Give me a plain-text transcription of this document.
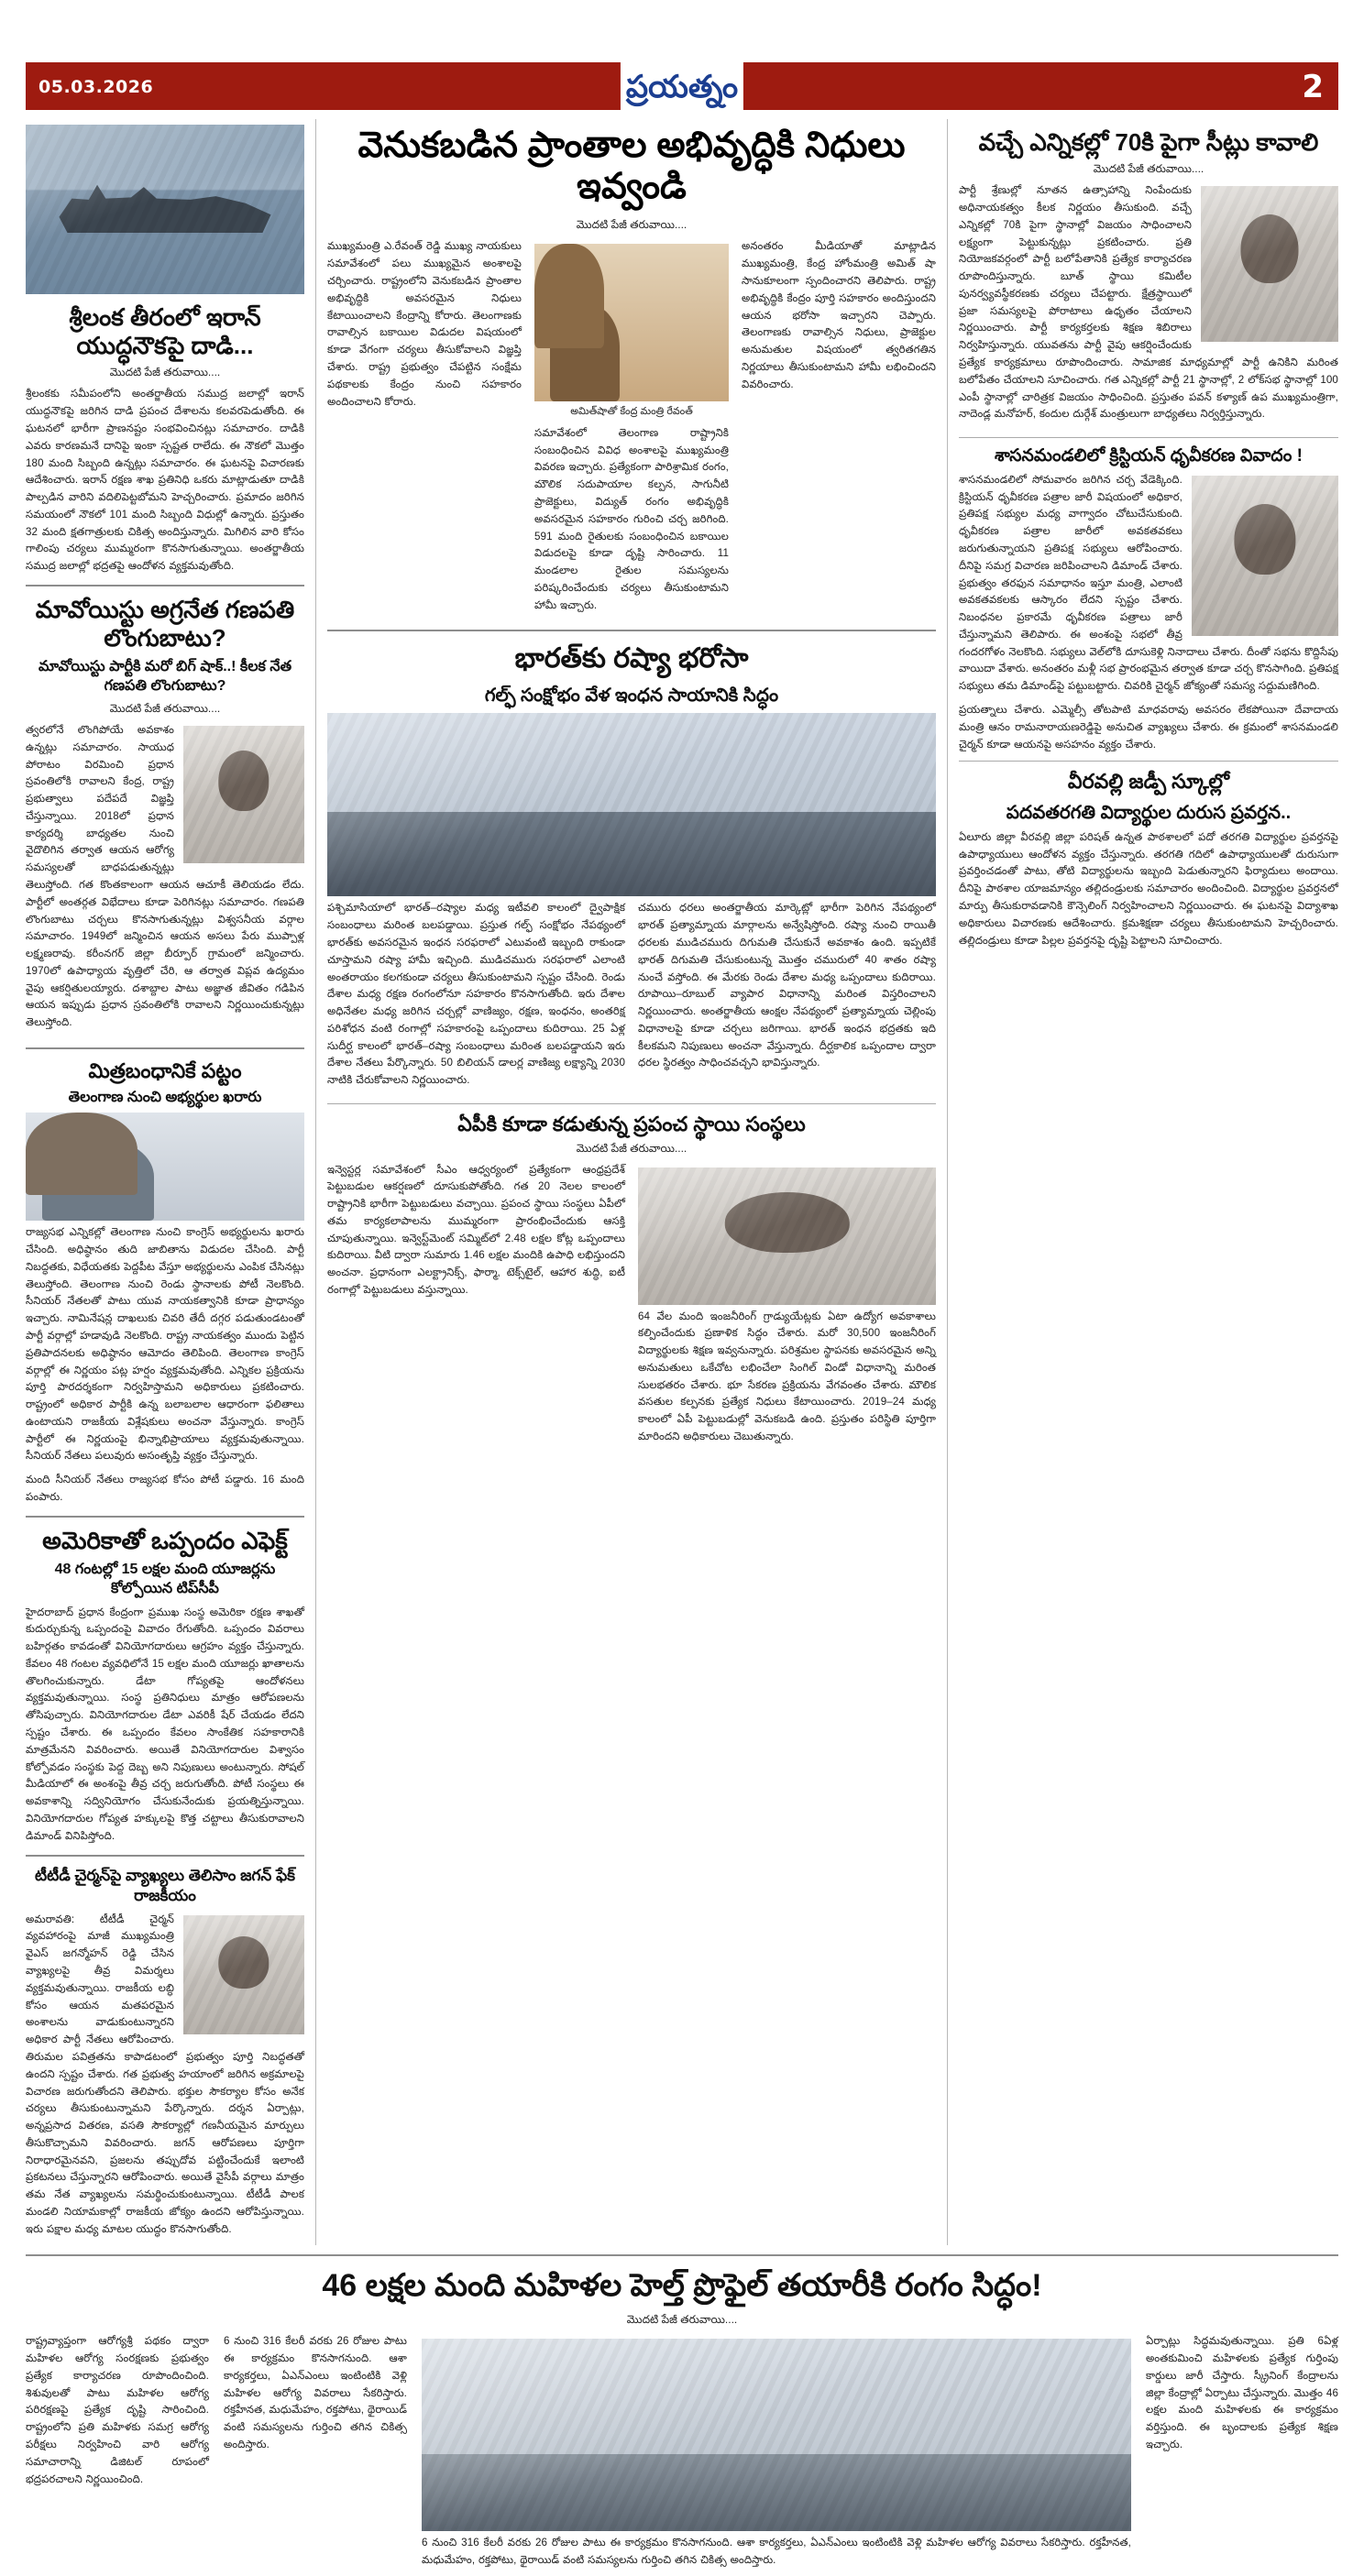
05.03.2026	ప్రయత్నం	2
శ్రీలంక తీరంలో ఇరాన్ యుద్ధనౌకపై దాడి...
మొదటి పేజీ తరువాయి....

శ్రీలంకకు సమీపంలోని అంతర్జాతీయ సముద్ర జలాల్లో ఇరాన్ యుద్ధనౌకపై జరిగిన దాడి ప్రపంచ దేశాలను కలవరపెడుతోంది. ఈ ఘటనలో భారీగా ప్రాణనష్టం సంభవించినట్లు సమాచారం. దాడికి ఎవరు కారణమనే దానిపై ఇంకా స్పష్టత రాలేదు. ఈ నౌకలో మొత్తం 180 మంది సిబ్బంది ఉన్నట్లు సమాచారం. ఈ ఘటనపై విచారణకు ఆదేశించారు. ఇరాన్ రక్షణ శాఖ ప్రతినిధి ఒకరు మాట్లాడుతూ దాడికి పాల్పడిన వారిని వదిలిపెట్టబోమని హెచ్చరించారు. ప్రమాదం జరిగిన సమయంలో నౌకలో 101 మంది సిబ్బంది విధుల్లో ఉన్నారు. ప్రస్తుతం 32 మంది క్షతగాత్రులకు చికిత్స అందిస్తున్నారు. మిగిలిన వారి కోసం గాలింపు చర్యలు ముమ్మరంగా కొనసాగుతున్నాయి. అంతర్జాతీయ సముద్ర జలాల్లో భద్రతపై ఆందోళన వ్యక్తమవుతోంది.

మావోయిస్టు అగ్రనేత గణపతి లొంగుబాటు?
మావోయిస్టు పార్టీకి మరో బిగ్ షాక్..! కీలక నేత గణపతి లొంగుబాటు?
మొదటి పేజీ తరువాయి....

త్వరలోనే లొంగిపోయే అవకాశం ఉన్నట్లు సమాచారం. సాయుధ పోరాటం విరమించి ప్రధాన స్రవంతిలోకి రావాలని కేంద్ర, రాష్ట్ర ప్రభుత్వాలు పదేపదే విజ్ఞప్తి చేస్తున్నాయి. 2018లో ప్రధాన కార్యదర్శి బాధ్యతల నుంచి వైదొలిగిన తర్వాత ఆయన ఆరోగ్య సమస్యలతో బాధపడుతున్నట్లు తెలుస్తోంది. గత కొంతకాలంగా ఆయన ఆచూకీ తెలియడం లేదు. పార్టీలో అంతర్గత విభేదాలు కూడా పెరిగినట్లు సమాచారం. గణపతి లొంగుబాటు చర్చలు కొనసాగుతున్నట్లు విశ్వసనీయ వర్గాల సమాచారం. 1949లో జన్మించిన ఆయన అసలు పేరు ముప్పాళ్ల లక్ష్మణరావు. కరీంనగర్ జిల్లా బీర్పూర్ గ్రామంలో జన్మించారు. 1970లో ఉపాధ్యాయ వృత్తిలో చేరి, ఆ తర్వాత విప్లవ ఉద్యమం వైపు ఆకర్షితులయ్యారు. దశాబ్దాల పాటు అజ్ఞాత జీవితం గడిపిన ఆయన ఇప్పుడు ప్రధాన స్రవంతిలోకి రావాలని నిర్ణయించుకున్నట్లు తెలుస్తోంది.

మిత్రబంధానికే పట్టం
తెలంగాణ నుంచి అభ్యర్థుల ఖరారు

రాజ్యసభ ఎన్నికల్లో తెలంగాణ నుంచి కాంగ్రెస్ అభ్యర్థులను ఖరారు చేసింది. అధిష్ఠానం తుది జాబితాను విడుదల చేసింది. పార్టీ నిబద్ధతకు, విధేయతకు పెద్దపీట వేస్తూ అభ్యర్థులను ఎంపిక చేసినట్లు తెలుస్తోంది. తెలంగాణ నుంచి రెండు స్థానాలకు పోటీ నెలకొంది. సీనియర్ నేతలతో పాటు యువ నాయకత్వానికి కూడా ప్రాధాన్యం ఇచ్చారు. నామినేషన్ల దాఖలుకు చివరి తేదీ దగ్గర పడుతుండటంతో పార్టీ వర్గాల్లో హడావుడి నెలకొంది. రాష్ట్ర నాయకత్వం ముందు పెట్టిన ప్రతిపాదనలకు అధిష్ఠానం ఆమోదం తెలిపింది. తెలంగాణ కాంగ్రెస్ వర్గాల్లో ఈ నిర్ణయం పట్ల హర్షం వ్యక్తమవుతోంది. ఎన్నికల ప్రక్రియను పూర్తి పారదర్శకంగా నిర్వహిస్తామని అధికారులు ప్రకటించారు. రాష్ట్రంలో అధికార పార్టీకి ఉన్న బలాబలాల ఆధారంగా ఫలితాలు ఉంటాయని రాజకీయ విశ్లేషకులు అంచనా వేస్తున్నారు. కాంగ్రెస్ పార్టీలో ఈ నిర్ణయంపై భిన్నాభిప్రాయాలు వ్యక్తమవుతున్నాయి. సీనియర్ నేతలు పలువురు అసంతృప్తి వ్యక్తం చేస్తున్నారు.

మంది సీనియర్ నేతలు రాజ్యసభ కోసం పోటీ పడ్డారు. 16 మంది పంపారు.

అమెరికాతో ఒప్పందం ఎఫెక్ట్
48 గంటల్లో 15 లక్షల మంది యూజర్లను కోల్పోయిన టిప్‌సీపీ

హైదరాబాద్ ప్రధాన కేంద్రంగా ప్రముఖ సంస్థ అమెరికా రక్షణ శాఖతో కుదుర్చుకున్న ఒప్పందంపై వివాదం రేగుతోంది. ఒప్పందం వివరాలు బహిర్గతం కావడంతో వినియోగదారులు ఆగ్రహం వ్యక్తం చేస్తున్నారు. కేవలం 48 గంటల వ్యవధిలోనే 15 లక్షల మంది యూజర్లు ఖాతాలను తొలగించుకున్నారు. డేటా గోప్యతపై ఆందోళనలు వ్యక్తమవుతున్నాయి. సంస్థ ప్రతినిధులు మాత్రం ఆరోపణలను తోసిపుచ్చారు. వినియోగదారుల డేటా ఎవరికీ షేర్ చేయడం లేదని స్పష్టం చేశారు. ఈ ఒప్పందం కేవలం సాంకేతిక సహకారానికి మాత్రమేనని వివరించారు. అయితే వినియోగదారుల విశ్వాసం కోల్పోవడం సంస్థకు పెద్ద దెబ్బ అని నిపుణులు అంటున్నారు. సోషల్ మీడియాలో ఈ అంశంపై తీవ్ర చర్చ జరుగుతోంది. పోటీ సంస్థలు ఈ అవకాశాన్ని సద్వినియోగం చేసుకునేందుకు ప్రయత్నిస్తున్నాయి. వినియోగదారుల గోప్యత హక్కులపై కొత్త చట్టాలు తీసుకురావాలని డిమాండ్ వినిపిస్తోంది.

టీటీడీ చైర్మన్‌పై వ్యాఖ్యలు తెలిసాం జగన్ ఫేక్ రాజకీయం

అమరావతి: టీటీడీ చైర్మన్ వ్యవహారంపై మాజీ ముఖ్యమంత్రి వైఎస్ జగన్మోహన్ రెడ్డి చేసిన వ్యాఖ్యలపై తీవ్ర విమర్శలు వ్యక్తమవుతున్నాయి. రాజకీయ లబ్ధి కోసం ఆయన మతపరమైన అంశాలను వాడుకుంటున్నారని అధికార పార్టీ నేతలు ఆరోపించారు. తిరుమల పవిత్రతను కాపాడటంలో ప్రభుత్వం పూర్తి నిబద్ధతతో ఉందని స్పష్టం చేశారు. గత ప్రభుత్వ హయాంలో జరిగిన అక్రమాలపై విచారణ జరుగుతోందని తెలిపారు. భక్తుల సౌకర్యాల కోసం అనేక చర్యలు తీసుకుంటున్నామని పేర్కొన్నారు. దర్శన ఏర్పాట్లు, అన్నప్రసాద వితరణ, వసతి సౌకర్యాల్లో గణనీయమైన మార్పులు తీసుకొచ్చామని వివరించారు. జగన్ ఆరోపణలు పూర్తిగా నిరాధారమైనవని, ప్రజలను తప్పుదోవ పట్టించేందుకే ఇలాంటి ప్రకటనలు చేస్తున్నారని ఆరోపించారు. అయితే వైసీపీ వర్గాలు మాత్రం తమ నేత వ్యాఖ్యలను సమర్థించుకుంటున్నాయి. టీటీడీ పాలక మండలి నియామకాల్లో రాజకీయ జోక్యం ఉందని ఆరోపిస్తున్నాయి. ఇరు పక్షాల మధ్య మాటల యుద్ధం కొనసాగుతోంది.

వెనుకబడిన ప్రాంతాల అభివృద్ధికి నిధులు ఇవ్వండి
మొదటి పేజీ తరువాయి....

ముఖ్యమంత్రి ఎ.రేవంత్ రెడ్డి ముఖ్య నాయకులు సమావేశంలో పలు ముఖ్యమైన అంశాలపై చర్చించారు. రాష్ట్రంలోని వెనుకబడిన ప్రాంతాల అభివృద్ధికి అవసరమైన నిధులు కేటాయించాలని కేంద్రాన్ని కోరారు. తెలంగాణకు రావాల్సిన బకాయిల విడుదల విషయంలో కూడా వేగంగా చర్యలు తీసుకోవాలని విజ్ఞప్తి చేశారు. రాష్ట్ర ప్రభుత్వం చేపట్టిన సంక్షేమ పథకాలకు కేంద్రం నుంచి సహకారం అందించాలని కోరారు.

అమిత్‌షాతో కేంద్ర మంత్రి రేవంత్

సమావేశంలో తెలంగాణ రాష్ట్రానికి సంబంధించిన వివిధ అంశాలపై ముఖ్యమంత్రి వివరణ ఇచ్చారు. ప్రత్యేకంగా పారిశ్రామిక రంగం, మౌలిక సదుపాయాల కల్పన, సాగునీటి ప్రాజెక్టులు, విద్యుత్ రంగం అభివృద్ధికి అవసరమైన సహకారం గురించి చర్చ జరిగింది. 591 మంది రైతులకు సంబంధించిన బకాయిల విడుదలపై కూడా దృష్టి సారించారు. 11 మండలాల రైతుల సమస్యలను పరిష్కరించేందుకు చర్యలు తీసుకుంటామని హామీ ఇచ్చారు.

అనంతరం మీడియాతో మాట్లాడిన ముఖ్యమంత్రి, కేంద్ర హోంమంత్రి అమిత్ షా సానుకూలంగా స్పందించారని తెలిపారు. రాష్ట్ర అభివృద్ధికి కేంద్రం పూర్తి సహకారం అందిస్తుందని ఆయన భరోసా ఇచ్చారని చెప్పారు. తెలంగాణకు రావాల్సిన నిధులు, ప్రాజెక్టుల అనుమతుల విషయంలో త్వరితగతిన నిర్ణయాలు తీసుకుంటామని హామీ లభించిందని వివరించారు.

భారత్‌కు రష్యా భరోసా
గల్ఫ్ సంక్షోభం వేళ ఇంధన సాయానికి సిద్ధం

పశ్చిమాసియాలో భారత్‌–రష్యాల మధ్య ఇటీవలి కాలంలో ద్వైపాక్షిక సంబంధాలు మరింత బలపడ్డాయి. ప్రస్తుత గల్ఫ్ సంక్షోభం నేపథ్యంలో భారత్‌కు అవసరమైన ఇంధన సరఫరాలో ఎటువంటి ఇబ్బంది రాకుండా చూస్తామని రష్యా హామీ ఇచ్చింది. ముడిచమురు సరఫరాలో ఎలాంటి అంతరాయం కలగకుండా చర్యలు తీసుకుంటామని స్పష్టం చేసింది. రెండు దేశాల మధ్య రక్షణ రంగంలోనూ సహకారం కొనసాగుతోంది. ఇరు దేశాల అధినేతల మధ్య జరిగిన చర్చల్లో వాణిజ్యం, రక్షణ, ఇంధనం, అంతరిక్ష పరిశోధన వంటి రంగాల్లో సహకారంపై ఒప్పందాలు కుదిరాయి. 25 ఏళ్ల సుదీర్ఘ కాలంలో భారత్‌–రష్యా సంబంధాలు మరింత బలపడ్డాయని ఇరు దేశాల నేతలు పేర్కొన్నారు. 50 బిలియన్ డాలర్ల వాణిజ్య లక్ష్యాన్ని 2030 నాటికి చేరుకోవాలని నిర్ణయించారు.

చమురు ధరలు అంతర్జాతీయ మార్కెట్లో భారీగా పెరిగిన నేపథ్యంలో భారత్ ప్రత్యామ్నాయ మార్గాలను అన్వేషిస్తోంది. రష్యా నుంచి రాయితీ ధరలకు ముడిచమురు దిగుమతి చేసుకునే అవకాశం ఉంది. ఇప్పటికే భారత్ దిగుమతి చేసుకుంటున్న మొత్తం చమురులో 40 శాతం రష్యా నుంచే వస్తోంది. ఈ మేరకు రెండు దేశాల మధ్య ఒప్పందాలు కుదిరాయి. రూపాయి–రూబుల్ వ్యాపార విధానాన్ని మరింత విస్తరించాలని నిర్ణయించారు. అంతర్జాతీయ ఆంక్షల నేపథ్యంలో ప్రత్యామ్నాయ చెల్లింపు విధానాలపై కూడా చర్చలు జరిగాయి. భారత్ ఇంధన భద్రతకు ఇది కీలకమని నిపుణులు అంచనా వేస్తున్నారు. దీర్ఘకాలిక ఒప్పందాల ద్వారా ధరల స్థిరత్వం సాధించవచ్చని భావిస్తున్నారు.

ఏపీకి కూడా కడుతున్న ప్రపంచ స్థాయి సంస్థలు
మొదటి పేజీ తరువాయి....

ఇన్వెస్టర్ల సమావేశంలో సీఎం ఆధ్వర్యంలో ప్రత్యేకంగా ఆంధ్రప్రదేశ్ పెట్టుబడుల ఆకర్షణలో దూసుకుపోతోంది. గత 20 నెలల కాలంలో రాష్ట్రానికి భారీగా పెట్టుబడులు వచ్చాయి. ప్రపంచ స్థాయి సంస్థలు ఏపీలో తమ కార్యకలాపాలను ముమ్మరంగా ప్రారంభించేందుకు ఆసక్తి చూపుతున్నాయి. ఇన్వెస్ట్‌మెంట్ సమ్మిట్‌లో 2.48 లక్షల కోట్ల ఒప్పందాలు కుదిరాయి. వీటి ద్వారా సుమారు 1.46 లక్షల మందికి ఉపాధి లభిస్తుందని అంచనా. ప్రధానంగా ఎలక్ట్రానిక్స్, ఫార్మా, టెక్స్‌టైల్, ఆహార శుద్ధి, ఐటీ రంగాల్లో పెట్టుబడులు వస్తున్నాయి.

64 వేల మంది ఇంజనీరింగ్ గ్రాడ్యుయేట్లకు ఏటా ఉద్యోగ అవకాశాలు కల్పించేందుకు ప్రణాళిక సిద్ధం చేశారు. మరో 30,500 ఇంజనీరింగ్ విద్యార్థులకు శిక్షణ ఇవ్వనున్నారు. పరిశ్రమల స్థాపనకు అవసరమైన అన్ని అనుమతులు ఒకేచోట లభించేలా సింగిల్ విండో విధానాన్ని మరింత సులభతరం చేశారు. భూ సేకరణ ప్రక్రియను వేగవంతం చేశారు. మౌలిక వసతుల కల్పనకు ప్రత్యేక నిధులు కేటాయించారు. 2019–24 మధ్య కాలంలో ఏపీ పెట్టుబడుల్లో వెనుకబడి ఉంది. ప్రస్తుతం పరిస్థితి పూర్తిగా మారిందని అధికారులు చెబుతున్నారు.

వచ్చే ఎన్నికల్లో 70కి పైగా సీట్లు కావాలి
మొదటి పేజీ తరువాయి....

పార్టీ శ్రేణుల్లో నూతన ఉత్సాహాన్ని నింపేందుకు అధినాయకత్వం కీలక నిర్ణయం తీసుకుంది. వచ్చే ఎన్నికల్లో 70కి పైగా స్థానాల్లో విజయం సాధించాలని లక్ష్యంగా పెట్టుకున్నట్లు ప్రకటించారు. ప్రతి నియోజకవర్గంలో పార్టీ బలోపేతానికి ప్రత్యేక కార్యాచరణ రూపొందిస్తున్నారు. బూత్ స్థాయి కమిటీల పునర్వ్యవస్థీకరణకు చర్యలు చేపట్టారు. క్షేత్రస్థాయిలో ప్రజా సమస్యలపై పోరాటాలు ఉధృతం చేయాలని నిర్ణయించారు. పార్టీ కార్యకర్తలకు శిక్షణ శిబిరాలు నిర్వహిస్తున్నారు. యువతను పార్టీ వైపు ఆకర్షించేందుకు ప్రత్యేక కార్యక్రమాలు రూపొందించారు. సామాజిక మాధ్యమాల్లో పార్టీ ఉనికిని మరింత బలోపేతం చేయాలని సూచించారు. గత ఎన్నికల్లో పార్టీ 21 స్థానాల్లో, 2 లోక్‌సభ స్థానాల్లో 100 ఎంపీ స్థానాల్లో చారిత్రక విజయం సాధించింది. ప్రస్తుతం పవన్ కళ్యాణ్ ఉప ముఖ్యమంత్రిగా, నాదెండ్ల మనోహర్, కందుల దుర్గేశ్ మంత్రులుగా బాధ్యతలు నిర్వర్తిస్తున్నారు.

శాసనమండలిలో క్రిస్టియన్ ధృవీకరణ వివాదం !

శాసనమండలిలో సోమవారం జరిగిన చర్చ వేడెక్కింది. క్రిస్టియన్ ధృవీకరణ పత్రాల జారీ విషయంలో అధికార, ప్రతిపక్ష సభ్యుల మధ్య వాగ్వాదం చోటుచేసుకుంది. ధృవీకరణ పత్రాల జారీలో అవకతవకలు జరుగుతున్నాయని ప్రతిపక్ష సభ్యులు ఆరోపించారు. దీనిపై సమగ్ర విచారణ జరిపించాలని డిమాండ్ చేశారు. ప్రభుత్వం తరఫున సమాధానం ఇస్తూ మంత్రి, ఎలాంటి అవకతవకలకు ఆస్కారం లేదని స్పష్టం చేశారు. నిబంధనల ప్రకారమే ధృవీకరణ పత్రాలు జారీ చేస్తున్నామని తెలిపారు. ఈ అంశంపై సభలో తీవ్ర గందరగోళం నెలకొంది. సభ్యులు వెల్‌లోకి దూసుకెళ్లి నినాదాలు చేశారు. దీంతో సభను కొద్దిసేపు వాయిదా వేశారు. అనంతరం మళ్లీ సభ ప్రారంభమైన తర్వాత కూడా చర్చ కొనసాగింది. ప్రతిపక్ష సభ్యులు తమ డిమాండ్‌పై పట్టుబట్టారు. చివరికి చైర్మన్ జోక్యంతో సమస్య సద్దుమణిగింది.

ప్రయత్నాలు చేశారు. ఎమ్మెల్సీ తోటపాటి మాధవరావు అవసరం లేకపోయినా దేవాదాయ మంత్రి ఆనం రామనారాయణరెడ్డిపై అనుచిత వ్యాఖ్యలు చేశారు. ఈ క్రమంలో శాసనమండలి చైర్మన్ కూడా ఆయనపై అసహనం వ్యక్తం చేశారు.

వీరవల్లి జడ్పీ స్కూల్లో
పదవతరగతి విద్యార్థుల దురుస ప్రవర్తన..

ఏలూరు జిల్లా వీరవల్లి జిల్లా పరిషత్ ఉన్నత పాఠశాలలో పదో తరగతి విద్యార్థుల ప్రవర్తనపై ఉపాధ్యాయులు ఆందోళన వ్యక్తం చేస్తున్నారు. తరగతి గదిలో ఉపాధ్యాయులతో దురుసుగా ప్రవర్తించడంతో పాటు, తోటి విద్యార్థులను ఇబ్బంది పెడుతున్నారని ఫిర్యాదులు అందాయి. దీనిపై పాఠశాల యాజమాన్యం తల్లిదండ్రులకు సమాచారం అందించింది. విద్యార్థుల ప్రవర్తనలో మార్పు తీసుకురావడానికి కౌన్సెలింగ్ నిర్వహించాలని నిర్ణయించారు. ఈ ఘటనపై విద్యాశాఖ అధికారులు విచారణకు ఆదేశించారు. క్రమశిక్షణా చర్యలు తీసుకుంటామని హెచ్చరించారు. తల్లిదండ్రులు కూడా పిల్లల ప్రవర్తనపై దృష్టి పెట్టాలని సూచించారు.

46 లక్షల మంది మహిళల హెల్త్ ప్రొఫైల్ తయారీకి రంగం సిద్ధం!
మొదటి పేజీ తరువాయి....

రాష్ట్రవ్యాప్తంగా ఆరోగ్యశ్రీ పథకం ద్వారా మహిళల ఆరోగ్య సంరక్షణకు ప్రభుత్వం ప్రత్యేక కార్యాచరణ రూపొందించింది. శిశువులతో పాటు మహిళల ఆరోగ్య పరిరక్షణపై ప్రత్యేక దృష్టి సారించింది. రాష్ట్రంలోని ప్రతి మహిళకు సమగ్ర ఆరోగ్య పరీక్షలు నిర్వహించి వారి ఆరోగ్య సమాచారాన్ని డిజిటల్ రూపంలో భద్రపరచాలని నిర్ణయించింది.

6 నుంచి 316 కేలరీ వరకు 26 రోజుల పాటు ఈ కార్యక్రమం కొనసాగనుంది. ఆశా కార్యకర్తలు, ఏఎన్ఎంలు ఇంటింటికి వెళ్లి మహిళల ఆరోగ్య వివరాలు సేకరిస్తారు. రక్తహీనత, మధుమేహం, రక్తపోటు, థైరాయిడ్ వంటి సమస్యలను గుర్తించి తగిన చికిత్స అందిస్తారు.

6 నుంచి 316 కేలరీ వరకు 26 రోజుల పాటు ఈ కార్యక్రమం కొనసాగనుంది. ఆశా కార్యకర్తలు, ఏఎన్ఎంలు ఇంటింటికి వెళ్లి మహిళల ఆరోగ్య వివరాలు సేకరిస్తారు. రక్తహీనత, మధుమేహం, రక్తపోటు, థైరాయిడ్ వంటి సమస్యలను గుర్తించి తగిన చికిత్స అందిస్తారు.

ఏర్పాట్లు సిద్ధమవుతున్నాయి. ప్రతి 6ఏళ్ల అంతకుమించి మహిళలకు ప్రత్యేక గుర్తింపు కార్డులు జారీ చేస్తారు. స్క్రీనింగ్ కేంద్రాలను జిల్లా కేంద్రాల్లో ఏర్పాటు చేస్తున్నారు. మొత్తం 46 లక్షల మంది మహిళలకు ఈ కార్యక్రమం వర్తిస్తుంది. ఈ బృందాలకు ప్రత్యేక శిక్షణ ఇచ్చారు.
